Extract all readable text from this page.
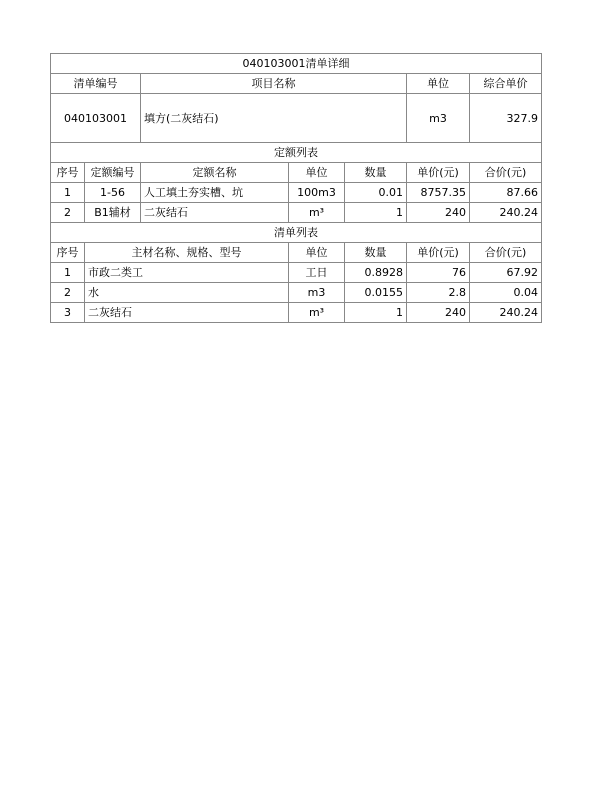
040103001清单详细						
清单编号		项目名称			单位	综合单价
040103001		填方(二灰结石)			m3	327.9
定额列表						
序号	定额编号	定额名称	单位	数量	单价(元)	合价(元)
1	1-56	人工填土夯实槽、坑	100m3	0.01	8757.35	87.66
2	B1辅材	二灰结石	m³	1	240	240.24
清单列表						
序号	主材名称、规格、型号		单位	数量	单价(元)	合价(元)
1	市政二类工		工日	0.8928	76	67.92
2	水		m3	0.0155	2.8	0.04
3	二灰结石		m³	1	240	240.24
